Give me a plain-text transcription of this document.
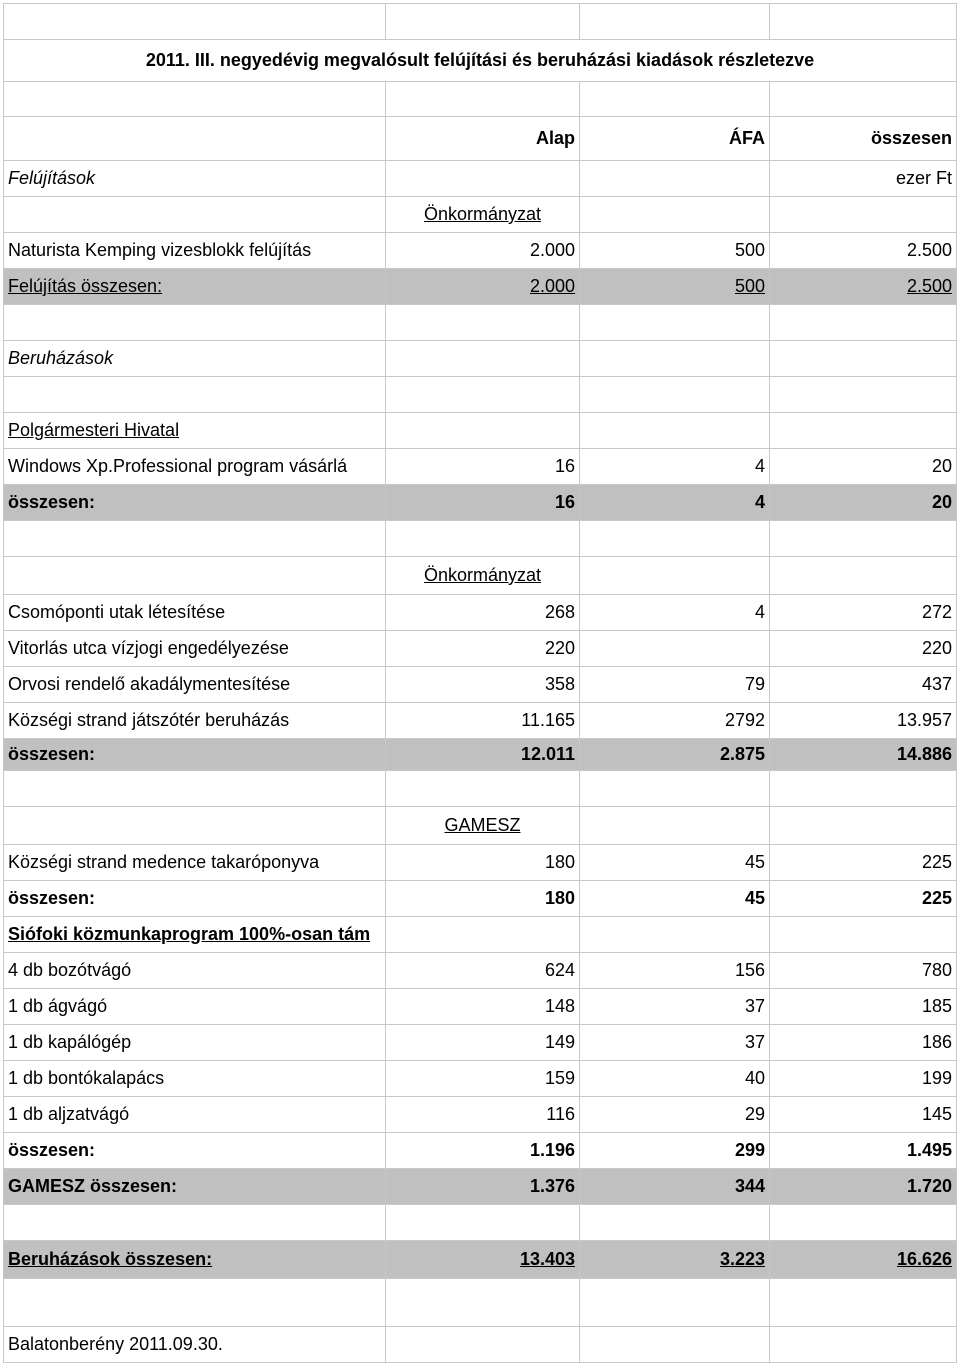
2011. III. negyedévig megvalósult felújítási és beruházási kiadások részletezve			

	Alap	ÁFA	összesen
Felújítások			ezer Ft
	Önkormányzat		
Naturista Kemping vizesblokk felújítás	2.000	500	2.500
Felújítás összesen:	2.000	500	2.500

Beruházások			

Polgármesteri Hivatal			
Windows Xp.Professional program vásárlá	16	4	20
összesen:	16	4	20

	Önkormányzat		
Csomóponti utak létesítése	268	4	272
Vitorlás utca vízjogi engedélyezése	220		220
Orvosi rendelő akadálymentesítése	358	79	437
Községi strand játszótér beruházás	11.165	2792	13.957
összesen:	12.011	2.875	14.886

	GAMESZ		
Községi strand medence takaróponyva	180	45	225
összesen:	180	45	225
Siófoki közmunkaprogram 100%-osan tám			
4 db bozótvágó	624	156	780
1 db ágvágó	148	37	185
1 db kapálógép	149	37	186
1 db bontókalapács	159	40	199
1 db aljzatvágó	116	29	145
összesen:	1.196	299	1.495
GAMESZ összesen:	1.376	344	1.720

Beruházások összesen:	13.403	3.223	16.626

Balatonberény 2011.09.30.			
